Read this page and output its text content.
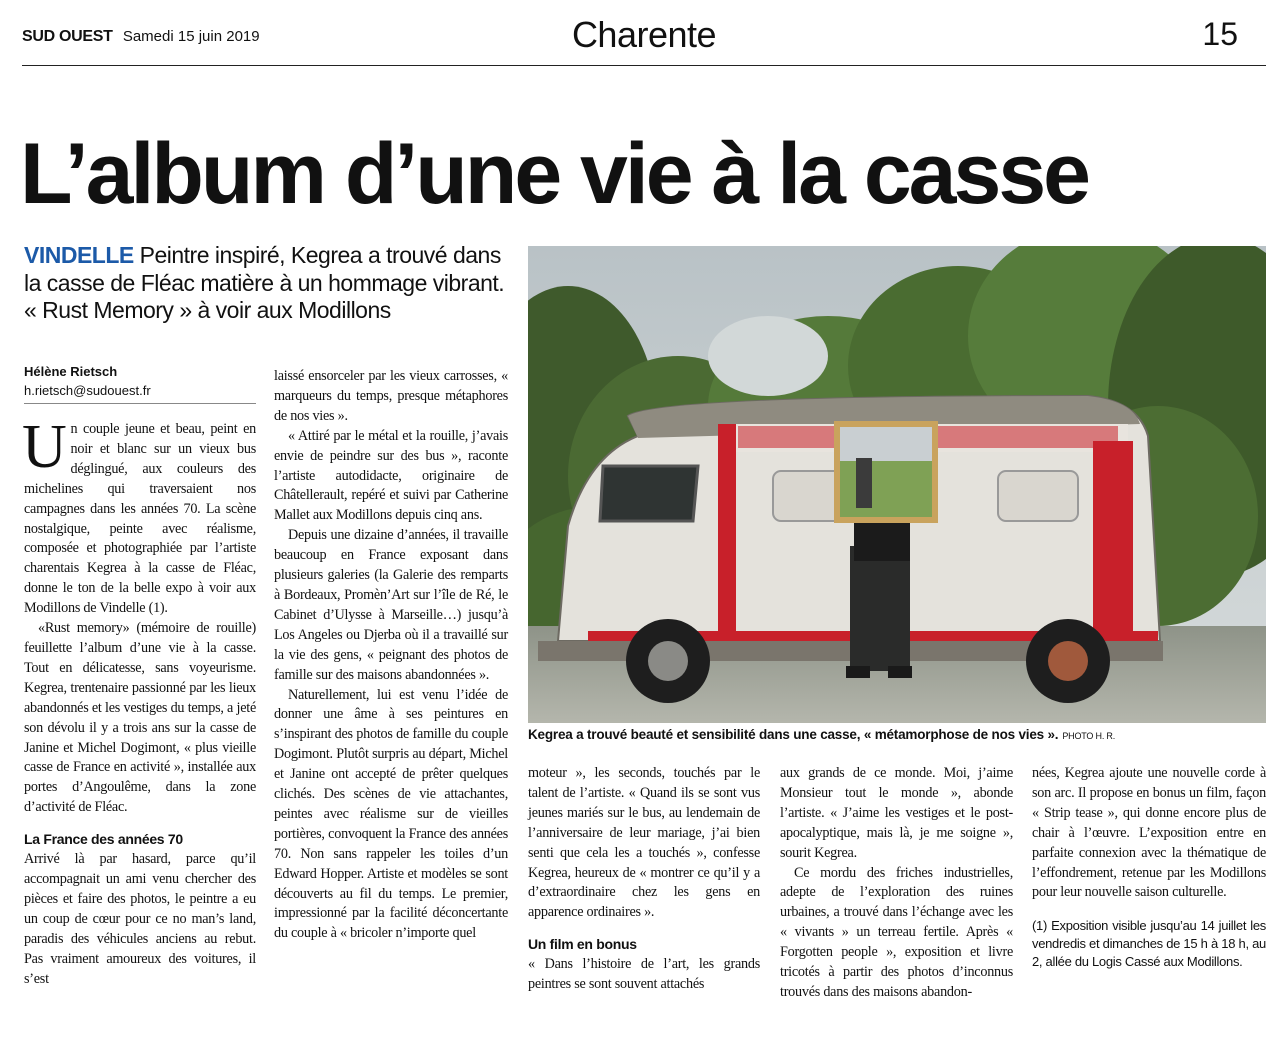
SUD OUEST Samedi 15 juin 2019	Charente	15
L’album d’une vie à la casse
VINDELLE Peintre inspiré, Kegrea a trouvé dans la casse de Fléac matière à un hommage vibrant. « Rust Memory » à voir aux Modillons
Hélène Rietsch
h.rietsch@sudouest.fr

Un couple jeune et beau, peint en noir et blanc sur un vieux bus déglingué, aux couleurs des michelines qui traversaient nos campagnes dans les années 70. La scène nostalgique, peinte avec réalisme, composée et photographiée par l’artiste charentais Kegrea à la casse de Fléac, donne le ton de la belle expo à voir aux Modillons de Vindelle (1).

«Rust memory» (mémoire de rouille) feuillette l’album d’une vie à la casse. Tout en délicatesse, sans voyeurisme. Kegrea, trentenaire passionné par les lieux abandonnés et les vestiges du temps, a jeté son dévolu il y a trois ans sur la casse de Janine et Michel Dogimont, « plus vieille casse de France en activité », installée aux portes d’Angoulême, dans la zone d’activité de Fléac.

La France des années 70

Arrivé là par hasard, parce qu’il accompagnait un ami venu chercher des pièces et faire des photos, le peintre a eu un coup de cœur pour ce no man’s land, paradis des véhicules anciens au rebut. Pas vraiment amoureux des voitures, il s’est

laissé ensorceler par les vieux carrosses, « marqueurs du temps, presque métaphores de nos vies ».

« Attiré par le métal et la rouille, j’avais envie de peindre sur des bus », raconte l’artiste autodidacte, originaire de Châtellerault, repéré et suivi par Catherine Mallet aux Modillons depuis cinq ans.

Depuis une dizaine d’années, il travaille beaucoup en France exposant dans plusieurs galeries (la Galerie des remparts à Bordeaux, Promèn’Art sur l’île de Ré, le Cabinet d’Ulysse à Marseille…) jusqu’à Los Angeles ou Djerba où il a travaillé sur la vie des gens, « peignant des photos de famille sur des maisons abandonnées ».

Naturellement, lui est venu l’idée de donner une âme à ses peintures en s’inspirant des photos de famille du couple Dogimont. Plutôt surpris au départ, Michel et Janine ont accepté de prêter quelques clichés. Des scènes de vie attachantes, peintes avec réalisme sur de vieilles portières, convoquent la France des années 70. Non sans rappeler les toiles d’un Edward Hopper. Artiste et modèles se sont découverts au fil du temps. Le premier, impressionné par la facilité déconcertante du couple à « bricoler n’importe quel

Kegrea a trouvé beauté et sensibilité dans une casse, « métamorphose de nos vies ». PHOTO H. R.

moteur », les seconds, touchés par le talent de l’artiste. « Quand ils se sont vus jeunes mariés sur le bus, au lendemain de l’anniversaire de leur mariage, j’ai bien senti que cela les a touchés », confesse Kegrea, heureux de « montrer ce qu’il y a d’extraordinaire chez les gens en apparence ordinaires ».

Un film en bonus

« Dans l’histoire de l’art, les grands peintres se sont souvent attachés

aux grands de ce monde. Moi, j’aime Monsieur tout le monde », abonde l’artiste. « J’aime les vestiges et le post-apocalyptique, mais là, je me soigne », sourit Kegrea.

Ce mordu des friches industrielles, adepte de l’exploration des ruines urbaines, a trouvé dans l’échange avec les « vivants » un terreau fertile. Après « Forgotten people », exposition et livre tricotés à partir des photos d’inconnus trouvés dans des maisons abandon-

nées, Kegrea ajoute une nouvelle corde à son arc. Il propose en bonus un film, façon « Strip tease », qui donne encore plus de chair à l’œuvre. L’exposition entre en parfaite connexion avec la thématique de l’effondrement, retenue par les Modillons pour leur nouvelle saison culturelle.

(1) Exposition visible jusqu’au 14 juillet les vendredis et dimanches de 15 h à 18 h, au 2, allée du Logis Cassé aux Modillons.
